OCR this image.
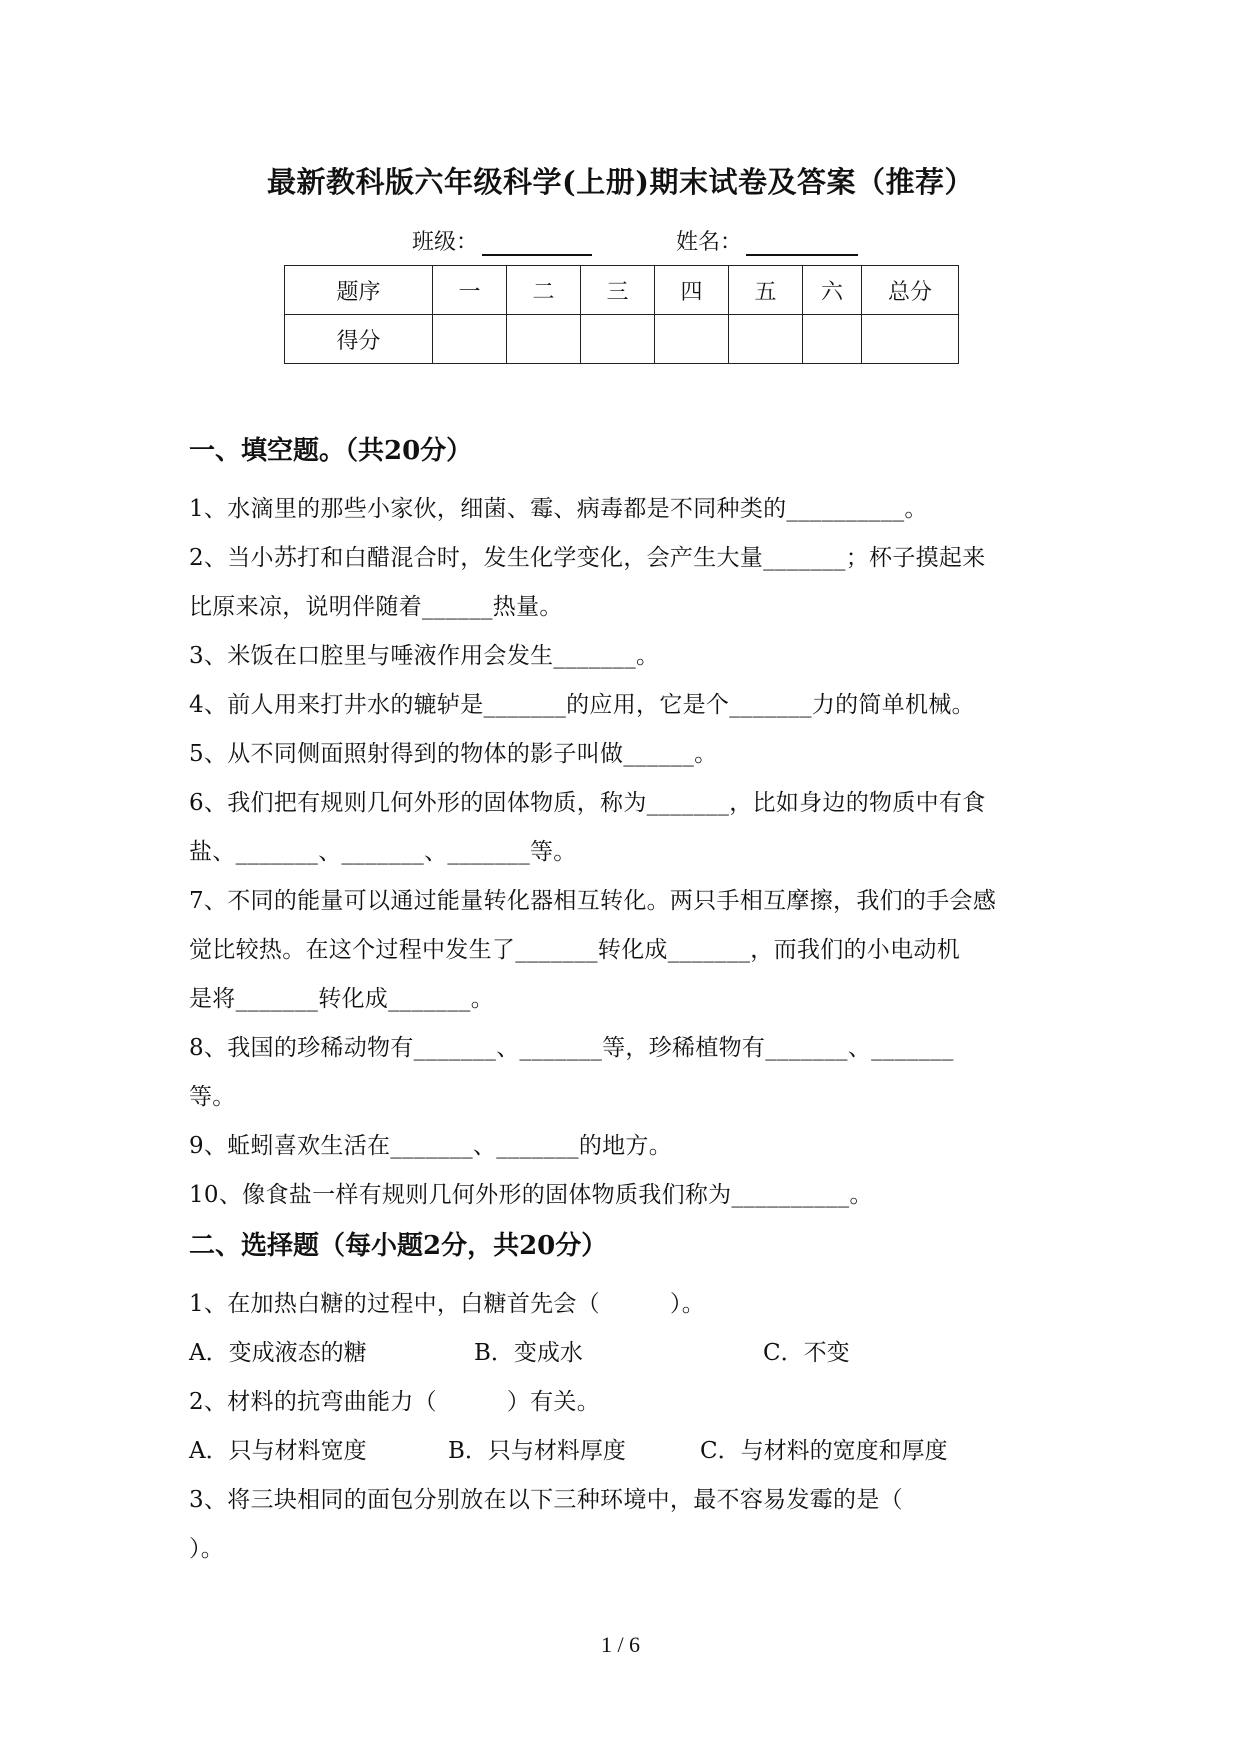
最新教科版六年级科学(上册)期末试卷及答案（推荐）
班级：	姓名：
题序	一	二	三	四	五	六	总分
得分							
一、填空题。（共20分）
1、水滴里的那些小家伙，细菌、霉、病毒都是不同种类的__________。
2、当小苏打和白醋混合时，发生化学变化，会产生大量_______；杯子摸起来
比原来凉，说明伴随着______热量。
3、米饭在口腔里与唾液作用会发生_______。
4、前人用来打井水的辘轳是_______的应用，它是个_______力的简单机械。
5、从不同侧面照射得到的物体的影子叫做______。
6、我们把有规则几何外形的固体物质，称为_______，比如身边的物质中有食
盐、_______、_______、_______等。
7、不同的能量可以通过能量转化器相互转化。两只手相互摩擦，我们的手会感
觉比较热。在这个过程中发生了_______转化成_______，而我们的小电动机
是将_______转化成_______。
8、我国的珍稀动物有_______、_______等，珍稀植物有_______、_______
等。
9、蚯蚓喜欢生活在_______、_______的地方。
10、像食盐一样有规则几何外形的固体物质我们称为__________。
二、选择题（每小题2分，共20分）
1、在加热白糖的过程中，白糖首先会（　　　）。
A．变成液态的糖	B．变成水	C．不变
2、材料的抗弯曲能力（　　　）有关。
A．只与材料宽度	B．只与材料厚度	C．与材料的宽度和厚度
3、将三块相同的面包分别放在以下三种环境中，最不容易发霉的是（
）。
1 / 6
